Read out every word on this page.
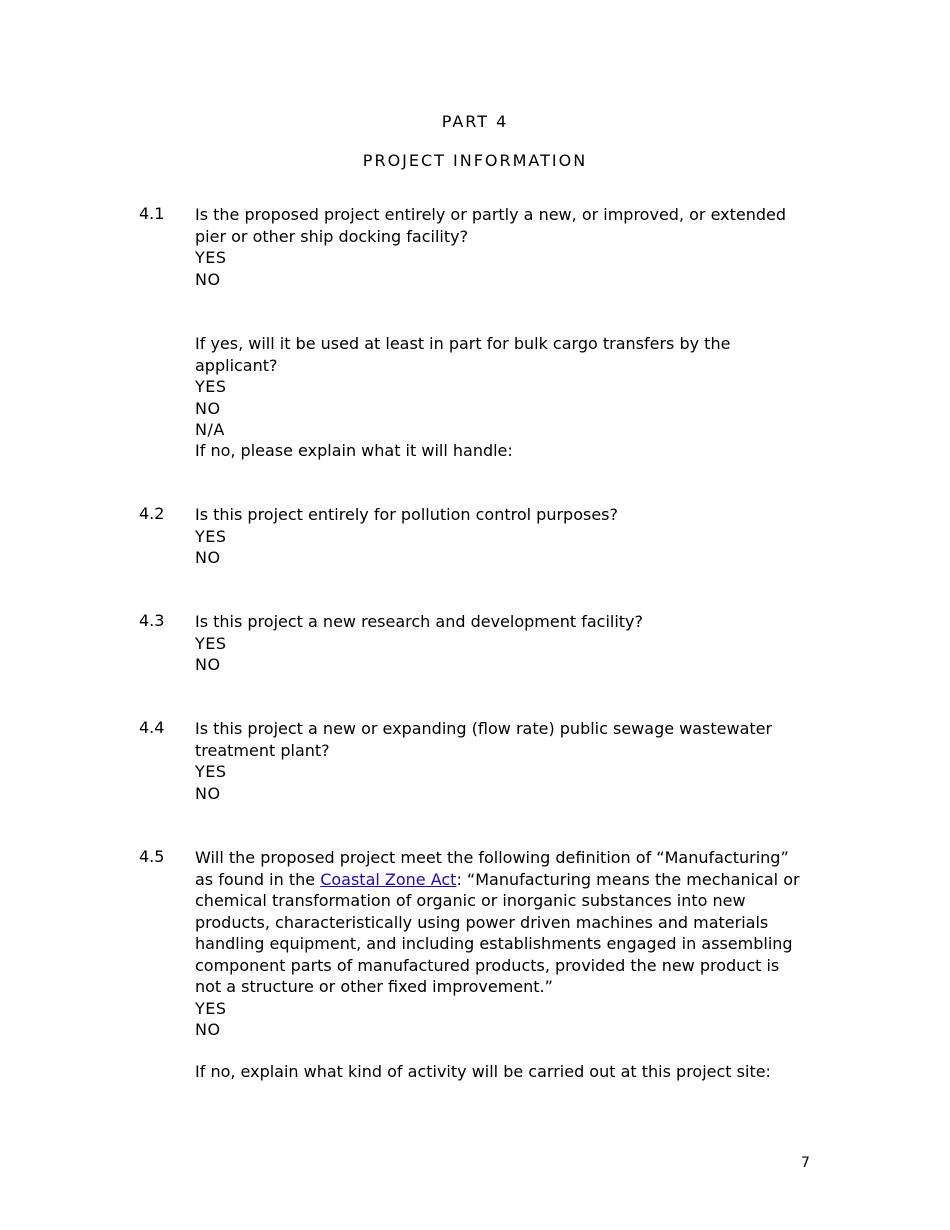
PART 4
PROJECT INFORMATION
4.1 Is the proposed project entirely or partly a new, or improved, or extended pier or other ship docking facility?

YES

NO

If yes, will it be used at least in part for bulk cargo transfers by the applicant?

YES

NO

N/A

If no, please explain what it will handle:

4.2 Is this project entirely for pollution control purposes?

YES

NO

4.3 Is this project a new research and development facility?

YES

NO

4.4 Is this project a new or expanding (flow rate) public sewage wastewater treatment plant?

YES

NO

4.5 Will the proposed project meet the following definition of “Manufacturing” as found in the Coastal Zone Act: “Manufacturing means the mechanical or chemical transformation of organic or inorganic substances into new products, characteristically using power driven machines and materials handling equipment, and including establishments engaged in assembling component parts of manufactured products, provided the new product is not a structure or other fixed improvement.”

YES

NO

If no, explain what kind of activity will be carried out at this project site:

7
